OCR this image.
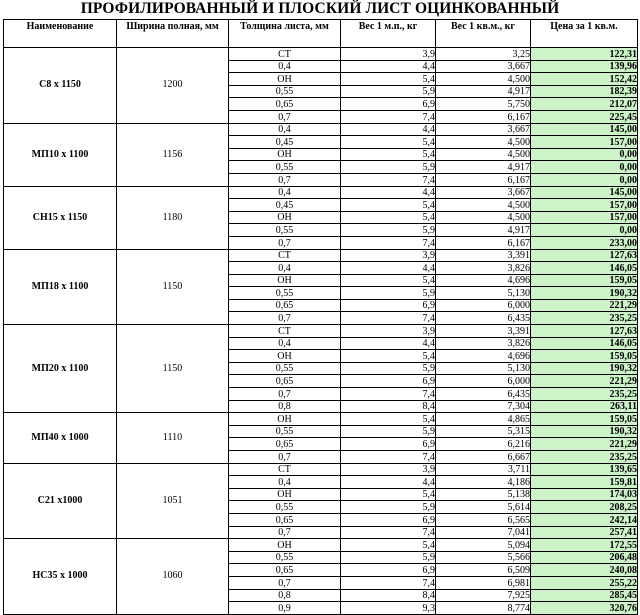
ПРОФИЛИРОВАННЫЙ И ПЛОСКИЙ ЛИСТ ОЦИНКОВАННЫЙ
Наименование	Ширина полная, мм	Толщина листа, мм	Вес 1 м.п., кг	Вес 1 кв.м., кг	Цена за 1 кв.м.
С8 х 1150	1200	СТ	3,9	3,25	122,31
		0,4	4,4	3,667	139,96
		ОН	5,4	4,500	152,42
		0,55	5,9	4,917	182,39
		0,65	6,9	5,750	212,07
		0,7	7,4	6,167	225,45
МП10 х 1100	1156	0,4	4,4	3,667	145,00
		0,45	5,4	4,500	157,00
		ОН	5,4	4,500	0,00
		0,55	5,9	4,917	0,00
		0,7	7,4	6,167	0,00
СН15 х 1150	1180	0,4	4,4	3,667	145,00
		0,45	5,4	4,500	157,00
		ОН	5,4	4,500	157,00
		0,55	5,9	4,917	0,00
		0,7	7,4	6,167	233,00
МП18 х 1100	1150	СТ	3,9	3,391	127,63
		0,4	4,4	3,826	146,05
		ОН	5,4	4,696	159,05
		0,55	5,9	5,130	190,32
		0,65	6,9	6,000	221,29
		0,7	7,4	6,435	235,25
МП20 х 1100	1150	СТ	3,9	3,391	127,63
		0,4	4,4	3,826	146,05
		ОН	5,4	4,696	159,05
		0,55	5,9	5,130	190,32
		0,65	6,9	6,000	221,29
		0,7	7,4	6,435	235,25
		0,8	8,4	7,304	263,11
МП40 х 1000	1110	ОН	5,4	4,865	159,05
		0,55	5,9	5,315	190,32
		0,65	6,9	6,216	221,29
		0,7	7,4	6,667	235,25
С21 х1000	1051	СТ	3,9	3,711	139,65
		0,4	4,4	4,186	159,81
		ОН	5,4	5,138	174,03
		0,55	5,9	5,614	208,25
		0,65	6,9	6,565	242,14
		0,7	7,4	7,041	257,41
НС35 х 1000	1060	ОН	5,4	5,094	172,55
		0,55	5,9	5,566	206,48
		0,65	6,9	6,509	240,08
		0,7	7,4	6,981	255,22
		0,8	8,4	7,925	285,45
		0,9	9,3	8,774	320,76
